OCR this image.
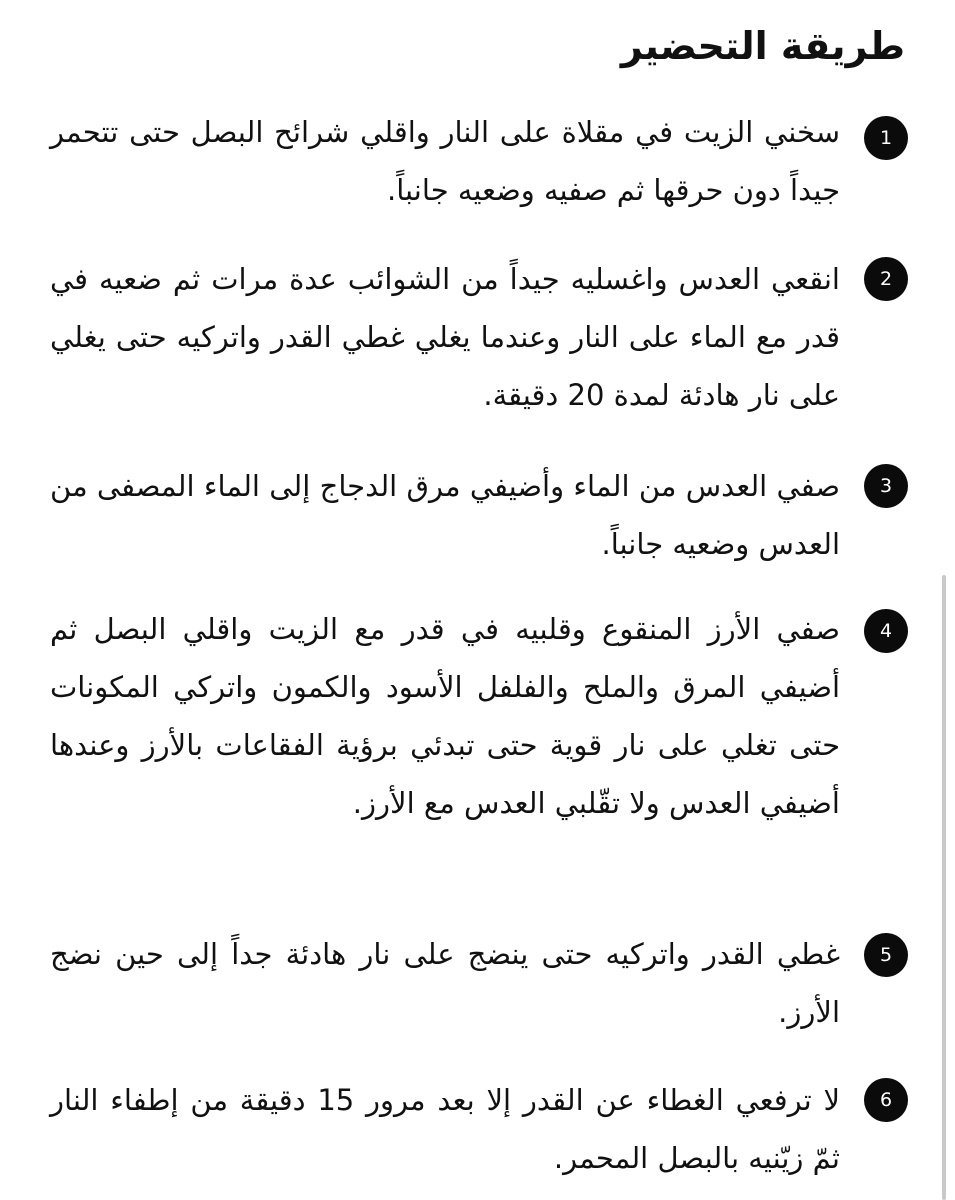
طريقة التحضير
1

سخني الزيت في مقلاة على النار واقلي شرائح البصل حتى تتحمر جيداً دون حرقها ثم صفيه وضعيه جانباً.

2

انقعي العدس واغسليه جيداً من الشوائب عدة مرات ثم ضعيه في قدر مع الماء على النار وعندما يغلي غطي القدر واتركيه حتى يغلي على نار هادئة لمدة 20 دقيقة.

3

صفي العدس من الماء وأضيفي مرق الدجاج إلى الماء المصفى من العدس وضعيه جانباً.

4

صفي الأرز المنقوع وقلبيه في قدر مع الزيت واقلي البصل ثم أضيفي المرق والملح والفلفل الأسود والكمون واتركي المكونات حتى تغلي على نار قوية حتى تبدئي برؤية الفقاعات بالأرز وعندها أضيفي العدس ولا تقّلبي العدس مع الأرز.

5

غطي القدر واتركيه حتى ينضج على نار هادئة جداً إلى حين نضج الأرز.

6

لا ترفعي الغطاء عن القدر إلا بعد مرور 15 دقيقة من إطفاء النار ثمّ زيّنيه بالبصل المحمر.
